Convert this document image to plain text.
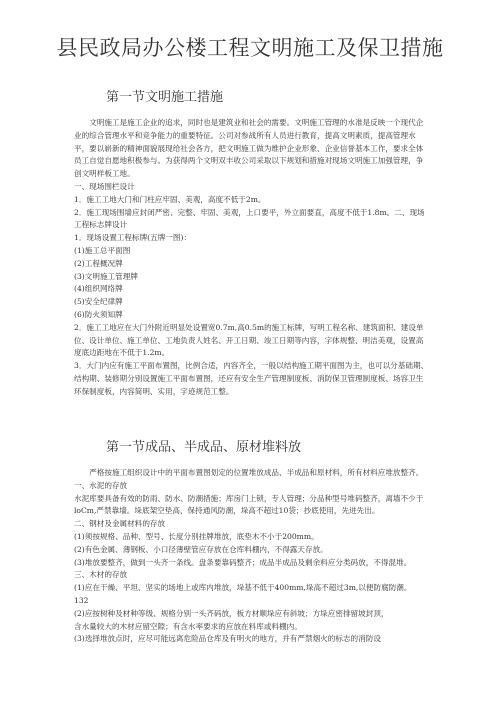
县民政局办公楼工程文明施工及保卫措施
第一节文明施工措施

文明施工是施工企业的追求，同时也是建筑业和社会的需要。文明施工管理的水准是反映一个现代企业的综合管理水平和竞争能力的重要特征。公司对参战所有人员进行教育，提高文明素质，提高管理水平，要以崭新的精神面貌展现给社会各方，把文明施工做为维护企业形象、企业信誉基本工作，要求全体员工自觉自愿地积极参与。为获得两个文明双丰收公司采取以下规划和措施对现场文明施工加强管理，争创文明样板工地。

一、现场围栏设计

1．施工工地大门和门柱应牢固、美观，高度不低于2m。

2．施工现场围墙应封闭严密、完整、牢固、美观，上口要平，外立面要直，高度不低于1.8m。二、现场工程标志牌设计

1．现场设置工程标牌(五牌一图)：

(1)施工总平面图

(2)工程概况牌

(3)文明施工管理牌

(4)组织网络牌

(5)安全纪律牌

(6)防火须知牌

2．施工工地应在大门外附近明显处设置宽0.7m,高0.5m的施工标牌，写明工程名称、建筑面积、建设单位、设计单位、施工单位、工地负责人姓名、开工日期、竣工日期等内容，字体规整、明洁美观，设置高度底边距地在不低于1.2m。

3．大门内应有施工平面布置图，比例合适，内容齐全，一般以结构施工期平面图为主，也可以分基础期、结构期、装修期分别设置施工平面布置图，还应有安全生产管理制度板、消防保卫管理制度板、场容卫生环保制度板，内容简明、实用，字迹规范工整。

第一节成品、半成品、原材堆料放

严格按施工组织设计中的平面布置图划定的位置堆放成品、半成品和原材料，所有材料应堆放整齐。

一、水泥的存放

水泥库要具备有效的防雨、防水、防潮措施；库房门上锁，专人管理；分品种型号堆码整齐，离墙不少于loCm,严禁靠墙。垛底架空垫高，保持通风防潮，垛高不超过10袋；抄底使用，先进先出。

二、钢材及金属材料的存放

(1)须按规格、品种、型号、长度分别挂牌堆放，底垫木不小于200mm。

(2)有色金属、薄钢板、小口径薄壁管应存放在仓库料棚内，不得露天存放。

(3)堆放要整齐，做到一头齐一条线。盘条要靠码整齐；成品半成品及剩余料应分类码放，不得混堆。

三、木材的存放

(1)应在干燥、平坦、坚实的场地上或库内堆放，垛基不低于400mm,垛高不超过3m,以便防腐防潮。

132

(2)应按树种及材种等级、规格分别一头齐码放，板方材顺垛应有斜坡；方垛应密排留坡封顶，

含水量较大的木材应留空隙；有含水率要求的应放在料库或料棚内。

(3)选择堆放点时，应尽可能远离危险品仓库及有明火的地方，并有严禁烟火的标志的消防设
